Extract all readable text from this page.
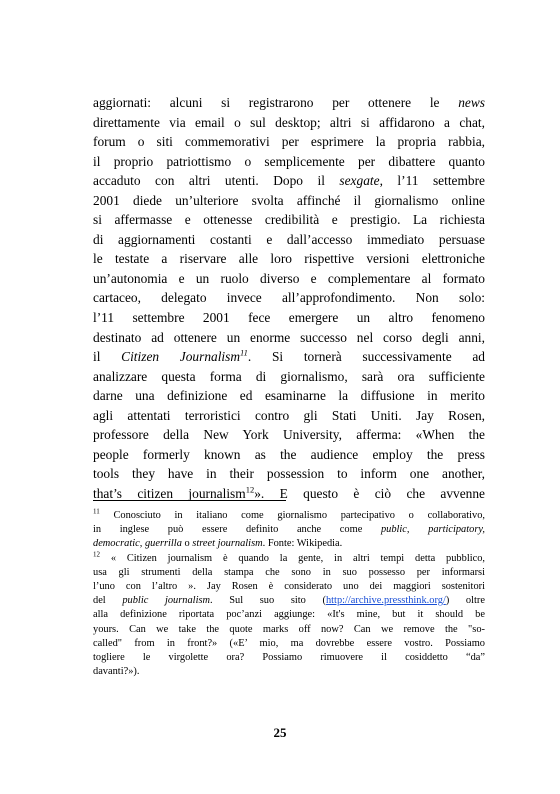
aggiornati: alcuni si registrarono per ottenere le news
direttamente via email o sul desktop; altri si affidarono a chat,
forum o siti commemorativi per esprimere la propria rabbia,
il proprio patriottismo o semplicemente per dibattere quanto
accaduto con altri utenti. Dopo il sexgate, l’11 settembre
2001 diede un’ulteriore svolta affinché il giornalismo online
si affermasse e ottenesse credibilità e prestigio. La richiesta
di aggiornamenti costanti e dall’accesso immediato persuase
le testate a riservare alle loro rispettive versioni elettroniche
un’autonomia e un ruolo diverso e complementare al formato
cartaceo, delegato invece all’approfondimento. Non solo:
l’11 settembre 2001 fece emergere un altro fenomeno
destinato ad ottenere un enorme successo nel corso degli anni,
il Citizen Journalism$^{11}$. Si tornerà successivamente ad
analizzare questa forma di giornalismo, sarà ora sufficiente
darne una definizione ed esaminarne la diffusione in merito
agli attentati terroristici contro gli Stati Uniti. Jay Rosen,
professore della New York University, afferma: «When the
people formerly known as the audience employ the press
tools they have in their possession to inform one another,
that’s citizen journalism$^{12}$». E questo è ciò che avvenne
$^{11}$ Conosciuto in italiano come giornalismo partecipativo o collaborativo,
in inglese può essere definito anche come public, participatory,
democratic, guerrilla o street journalism. Fonte: Wikipedia.
$^{12}$ « Citizen journalism è quando la gente, in altri tempi detta pubblico,
usa gli strumenti della stampa che sono in suo possesso per informarsi
l’uno con l’altro ». Jay Rosen è considerato uno dei maggiori sostenitori
del public journalism. Sul suo sito (http://archive.pressthink.org/) oltre
alla definizione riportata poc’anzi aggiunge: «It's mine, but it should be
yours. Can we take the quote marks off now? Can we remove the "so-
called" from in front?» («E’ mio, ma dovrebbe essere vostro. Possiamo
togliere le virgolette ora? Possiamo rimuovere il cosiddetto “da”
davanti?»).
25
